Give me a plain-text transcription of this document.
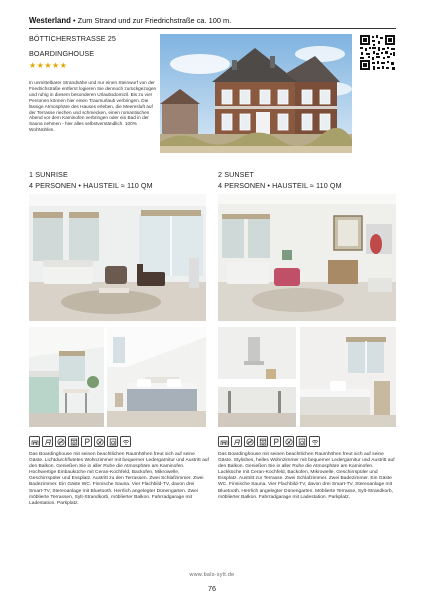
Westerland • Zum Strand und zur Friedrichstraße ca. 100 m.
BÖTTICHERSTRASSE 25
BOARDINGHOUSE
★★★★★
In unmittelbarer Strandnähe und nur einen Steinwurf von der Friedrichstraße entfernt logieren Sie dennoch zurückgezogen und ruhig in diesem besonderen Urlaubsdomizil. Bis zu vier Personen können hier einen Traumurlaub verbringen. Die lässige Atmosphäre des Hauses erleben, die Meeresluft auf der Terrasse riechen und schmecken, einen romantischen Abend vor dem Kaminofen verbringen oder ein Bad in der Sauna nehmen - hier alles selbstverständlich. 100% WohNühlen.
1 SUNRISE
4 PERSONEN • HAUSTEIL ≈ 110 QM
2 SUNSET
4 PERSONEN • HAUSTEIL ≈ 110 QM
Das Boardinghouse mit seinen beachtlichen Raumhöhen freut sich auf seine Gäste. Lichtdurchflutetes Wohnzimmer mit bequemer Ledergarnitur und Austritt auf den Balkon. Genießen Sie in aller Ruhe die Atmosphäre am Kaminofen. Hochwertige Einbauküche mit Ceran-Kochfeld, Backofen, Mikrowelle, Geschirrspüler und Essplatz. Austritt zu den Terrassen. Zwei Schlafzimmer. Zwei Badezimmer. Ein Gäste WC. Finnische Sauna. Vier Flachbild-TV, davon drei Smart-TV, Stereoanlage mit Bluetooth. Herrlich angelegter Dünengarten. Zwei möblierte Terrassen, Sylt-Strandkorb, möblierter Balkon. Fahrradgarage mit Ladestation. Parkplatz.
Das Boardinghouse mit seinen beachtlichen Raumhöhen freut sich auf seine Gäste. Stylishes, helles Wohnzimmer mit bequemer Ledergarnitur und Austritt auf den Balkon. Genießen Sie in aller Ruhe die Atmosphäre am Kaminofen. Lackküche mit Ceran-Kochfeld, Backofen, Mikrowelle, Geschirrspüler und Essplatz. Austritt zur Terrasse. Zwei Schlafzimmer. Zwei Badezimmer. Ein Gäste WC. Finnische Sauna. Vier Flachbild-TV, davon drei Smart-TV, Stereoanlage mit Bluetooth. Herrlich angelegter Dünengarten. Möblierte Terrasse, Sylt-Strandkorb, möblierter Balkon. Fahrradgarage mit Ladestation. Parkplatz.
www.bals-sylt.de
76
